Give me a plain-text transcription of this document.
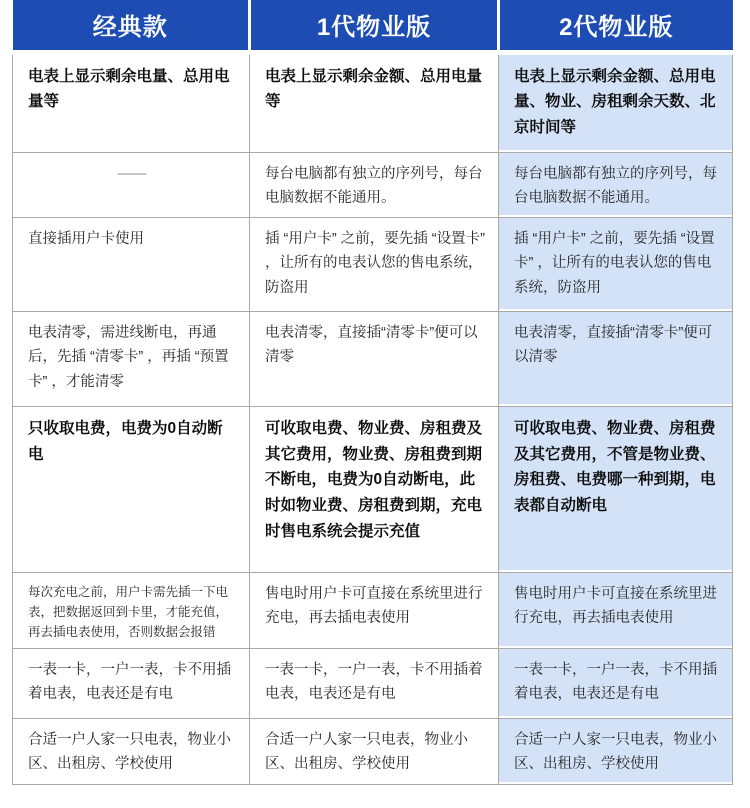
经典款	1代物业版	2代物业版
电表上显示剩余电量、总用电量等	电表上显示剩余金额、总用电量等	电表上显示剩余金额、总用电量、物业、房租剩余天数、北京时间等
——	每台电脑都有独立的序列号，每台电脑数据不能通用。	每台电脑都有独立的序列号，每台电脑数据不能通用。
直接插用户卡使用	插 “用户卡” 之前，要先插 “设置卡” ，让所有的电表认您的售电系统，防盗用	插 “用户卡” 之前，要先插 “设置卡” ，让所有的电表认您的售电系统，防盗用
电表清零，需进线断电，再通后，先插 “清零卡” ，再插 “预置卡” ，才能清零	电表清零，直接插“清零卡”便可以清零	电表清零，直接插“清零卡”便可以清零
只收取电费，电费为0自动断电	可收取电费、物业费、房租费及其它费用，物业费、房租费到期不断电，电费为0自动断电，此时如物业费、房租费到期，充电时售电系统会提示充值	可收取电费、物业费、房租费及其它费用，不管是物业费、房租费、电费哪一种到期，电表都自动断电
每次充电之前，用户卡需先插一下电表，把数据返回到卡里，才能充值，再去插电表使用，否则数据会报错	售电时用户卡可直接在系统里进行充电，再去插电表使用	售电时用户卡可直接在系统里进行充电，再去插电表使用
一表一卡，一户一表，卡不用插着电表，电表还是有电	一表一卡，一户一表，卡不用插着电表，电表还是有电	一表一卡，一户一表，卡不用插着电表，电表还是有电
合适一户人家一只电表，物业小区、出租房、学校使用	合适一户人家一只电表，物业小区、出租房、学校使用	合适一户人家一只电表，物业小区、出租房、学校使用
